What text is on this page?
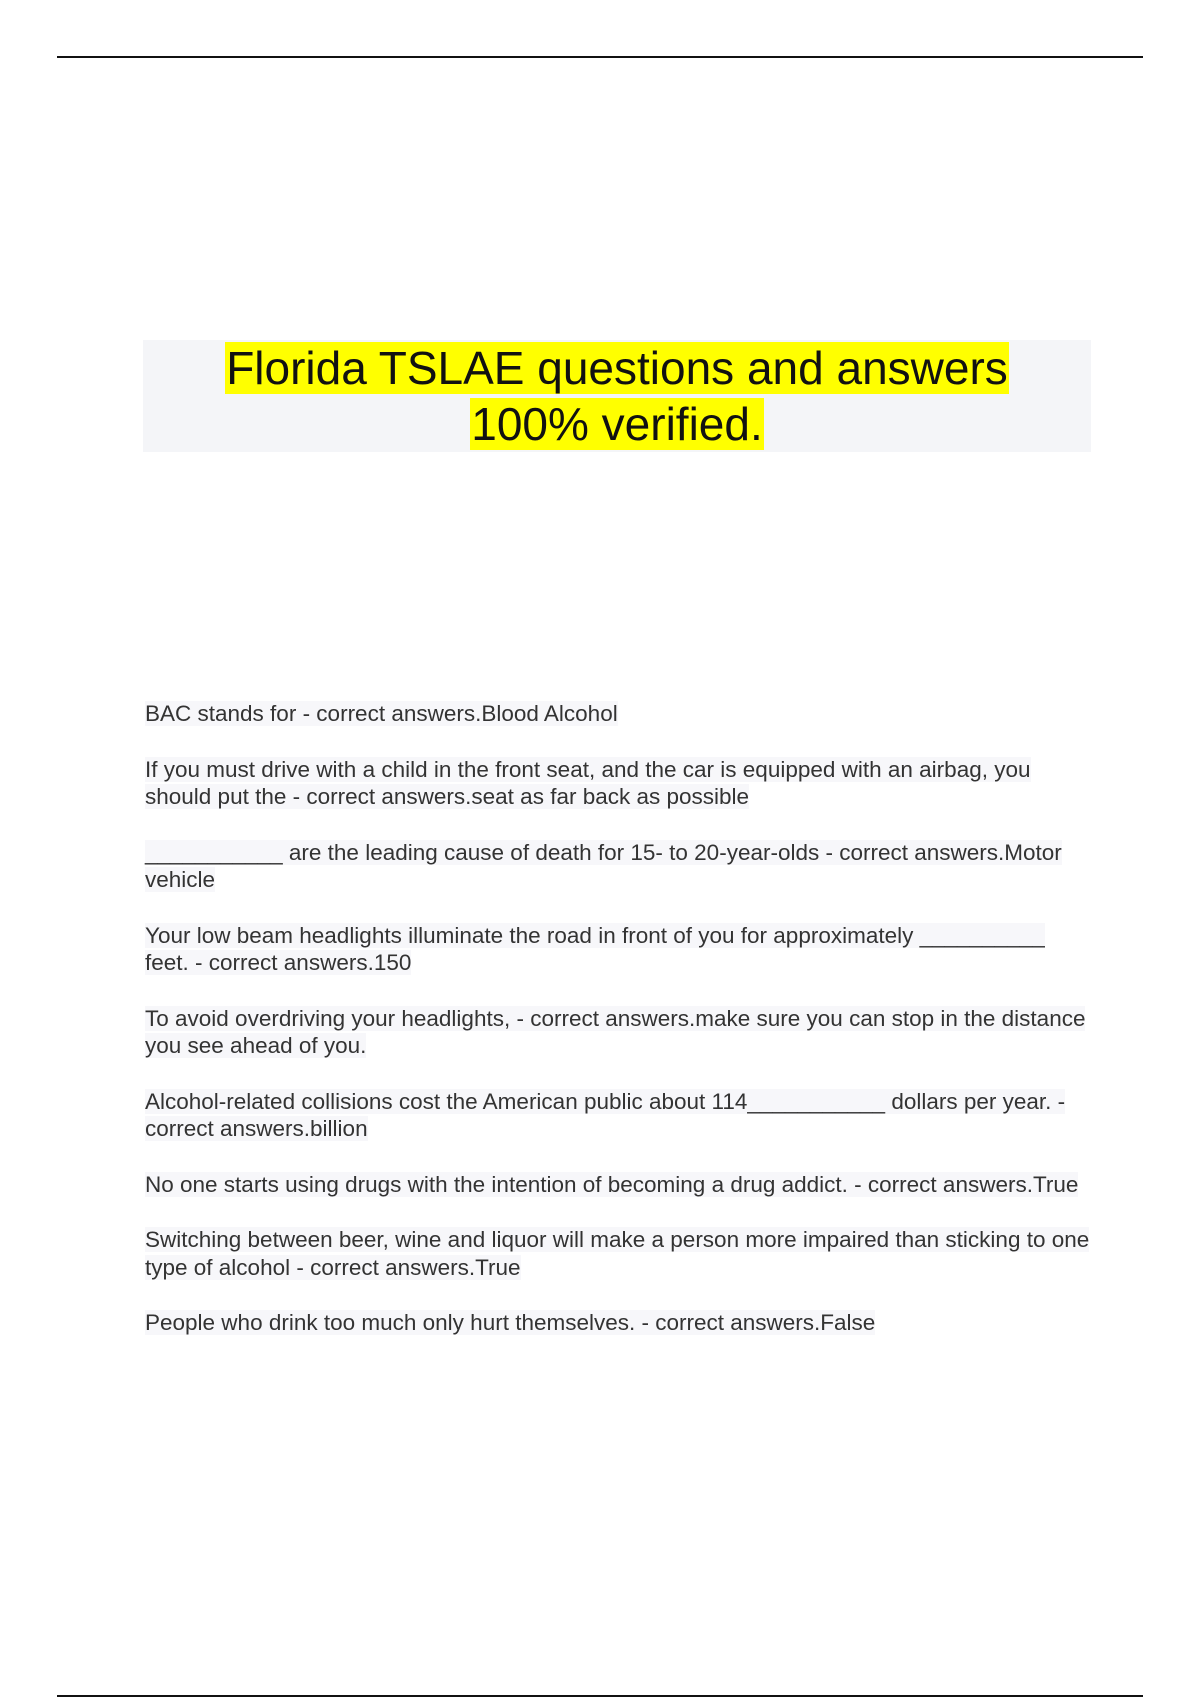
Florida TSLAE questions and answers
100% verified.

BAC stands for - correct answers.Blood Alcohol

If you must drive with a child in the front seat, and the car is equipped with an airbag, you should put the - correct answers.seat as far back as possible

___________ are the leading cause of death for 15- to 20-year-olds - correct answers.Motor vehicle

Your low beam headlights illuminate the road in front of you for approximately __________ feet. - correct answers.150

To avoid overdriving your headlights, - correct answers.make sure you can stop in the distance you see ahead of you.

Alcohol-related collisions cost the American public about 114___________ dollars per year. - correct answers.billion

No one starts using drugs with the intention of becoming a drug addict. - correct answers.True

Switching between beer, wine and liquor will make a person more impaired than sticking to one type of alcohol - correct answers.True

People who drink too much only hurt themselves. - correct answers.False
